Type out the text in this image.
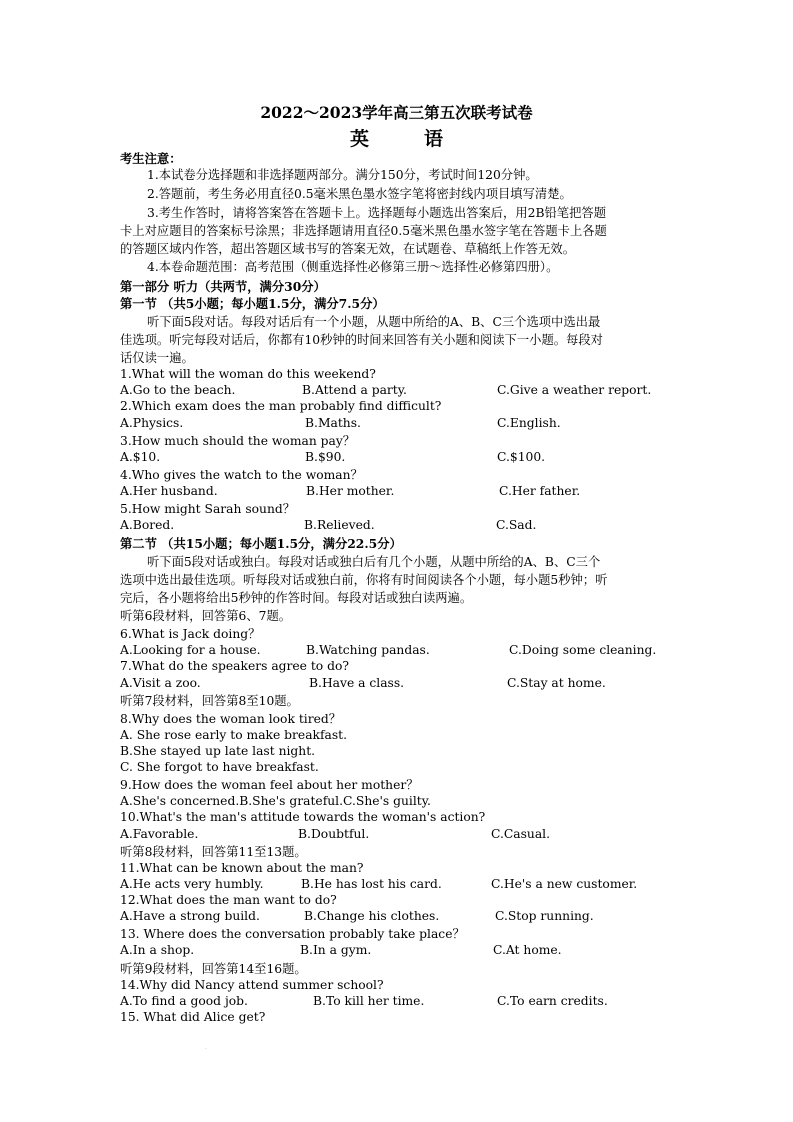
2022～2023学年高三第五次联考试卷
英　语
考生注意：
1.本试卷分选择题和非选择题两部分。满分150分，考试时间120分钟。
2.答题前，考生务必用直径0.5毫米黑色墨水签字笔将密封线内项目填写清楚。
3.考生作答时，请将答案答在答题卡上。选择题每小题选出答案后，用2B铅笔把答题
卡上对应题目的答案标号涂黑；非选择题请用直径0.5毫米黑色墨水签字笔在答题卡上各题
的答题区域内作答，超出答题区域书写的答案无效，在试题卷、草稿纸上作答无效。
4.本卷命题范围：高考范围（侧重选择性必修第三册～选择性必修第四册）。
第一部分 听力（共两节，满分30分）
第一节 （共5小题；每小题1.5分，满分7.5分）
听下面5段对话。每段对话后有一个小题，从题中所给的A、B、C三个选项中选出最
佳选项。听完每段对话后，你都有10秒钟的时间来回答有关小题和阅读下一小题。每段对
话仅读一遍。
1.What will the woman do this weekend?
A.Go to the beach.	B.Attend a party.	C.Give a weather report.
2.Which exam does the man probably find difficult?
A.Physics.	B.Maths.	C.English.
3.How much should the woman pay？
A.$10.	B.$90.	C.$100.
4.Who gives the watch to the woman？
A.Her husband.	B.Her mother.	C.Her father.
5.How might Sarah sound？
A.Bored.	B.Relieved.	C.Sad.
第二节 （共15小题；每小题1.5分，满分22.5分）
听下面5段对话或独白。每段对话或独白后有几个小题，从题中所给的A、B、C三个
选项中选出最佳选项。听每段对话或独白前，你将有时间阅读各个小题，每小题5秒钟；听
完后，各小题将给出5秒钟的作答时间。每段对话或独白读两遍。
听第6段材料，回答第6、7题。
6.What is Jack doing？
A.Looking for a house.	B.Watching pandas.	C.Doing some cleaning.
7.What do the speakers agree to do?
A.Visit a zoo.	B.Have a class.	C.Stay at home.
听第7段材料，回答第8至10题。
8.Why does the woman look tired？
A. She rose early to make breakfast.
B.She stayed up late last night.
C. She forgot to have breakfast.
9.How does the woman feel about her mother？
A.She's concerned.B.She's grateful.C.She's guilty.
10.What's the man's attitude towards the woman's action?
A.Favorable.	B.Doubtful.	C.Casual.
听第8段材料，回答第11至13题。
11.What can be known about the man?
A.He acts very humbly.	B.He has lost his card.	C.He's a new customer.
12.What does the man want to do?
A.Have a strong build.	B.Change his clothes.	C.Stop running.
13. Where does the conversation probably take place？
A.In a shop.	B.In a gym.	C.At home.
听第9段材料，回答第14至16题。
14.Why did Nancy attend summer school?
A.To find a good job.	B.To kill her time.	C.To earn credits.
15. What did Alice get?
·
